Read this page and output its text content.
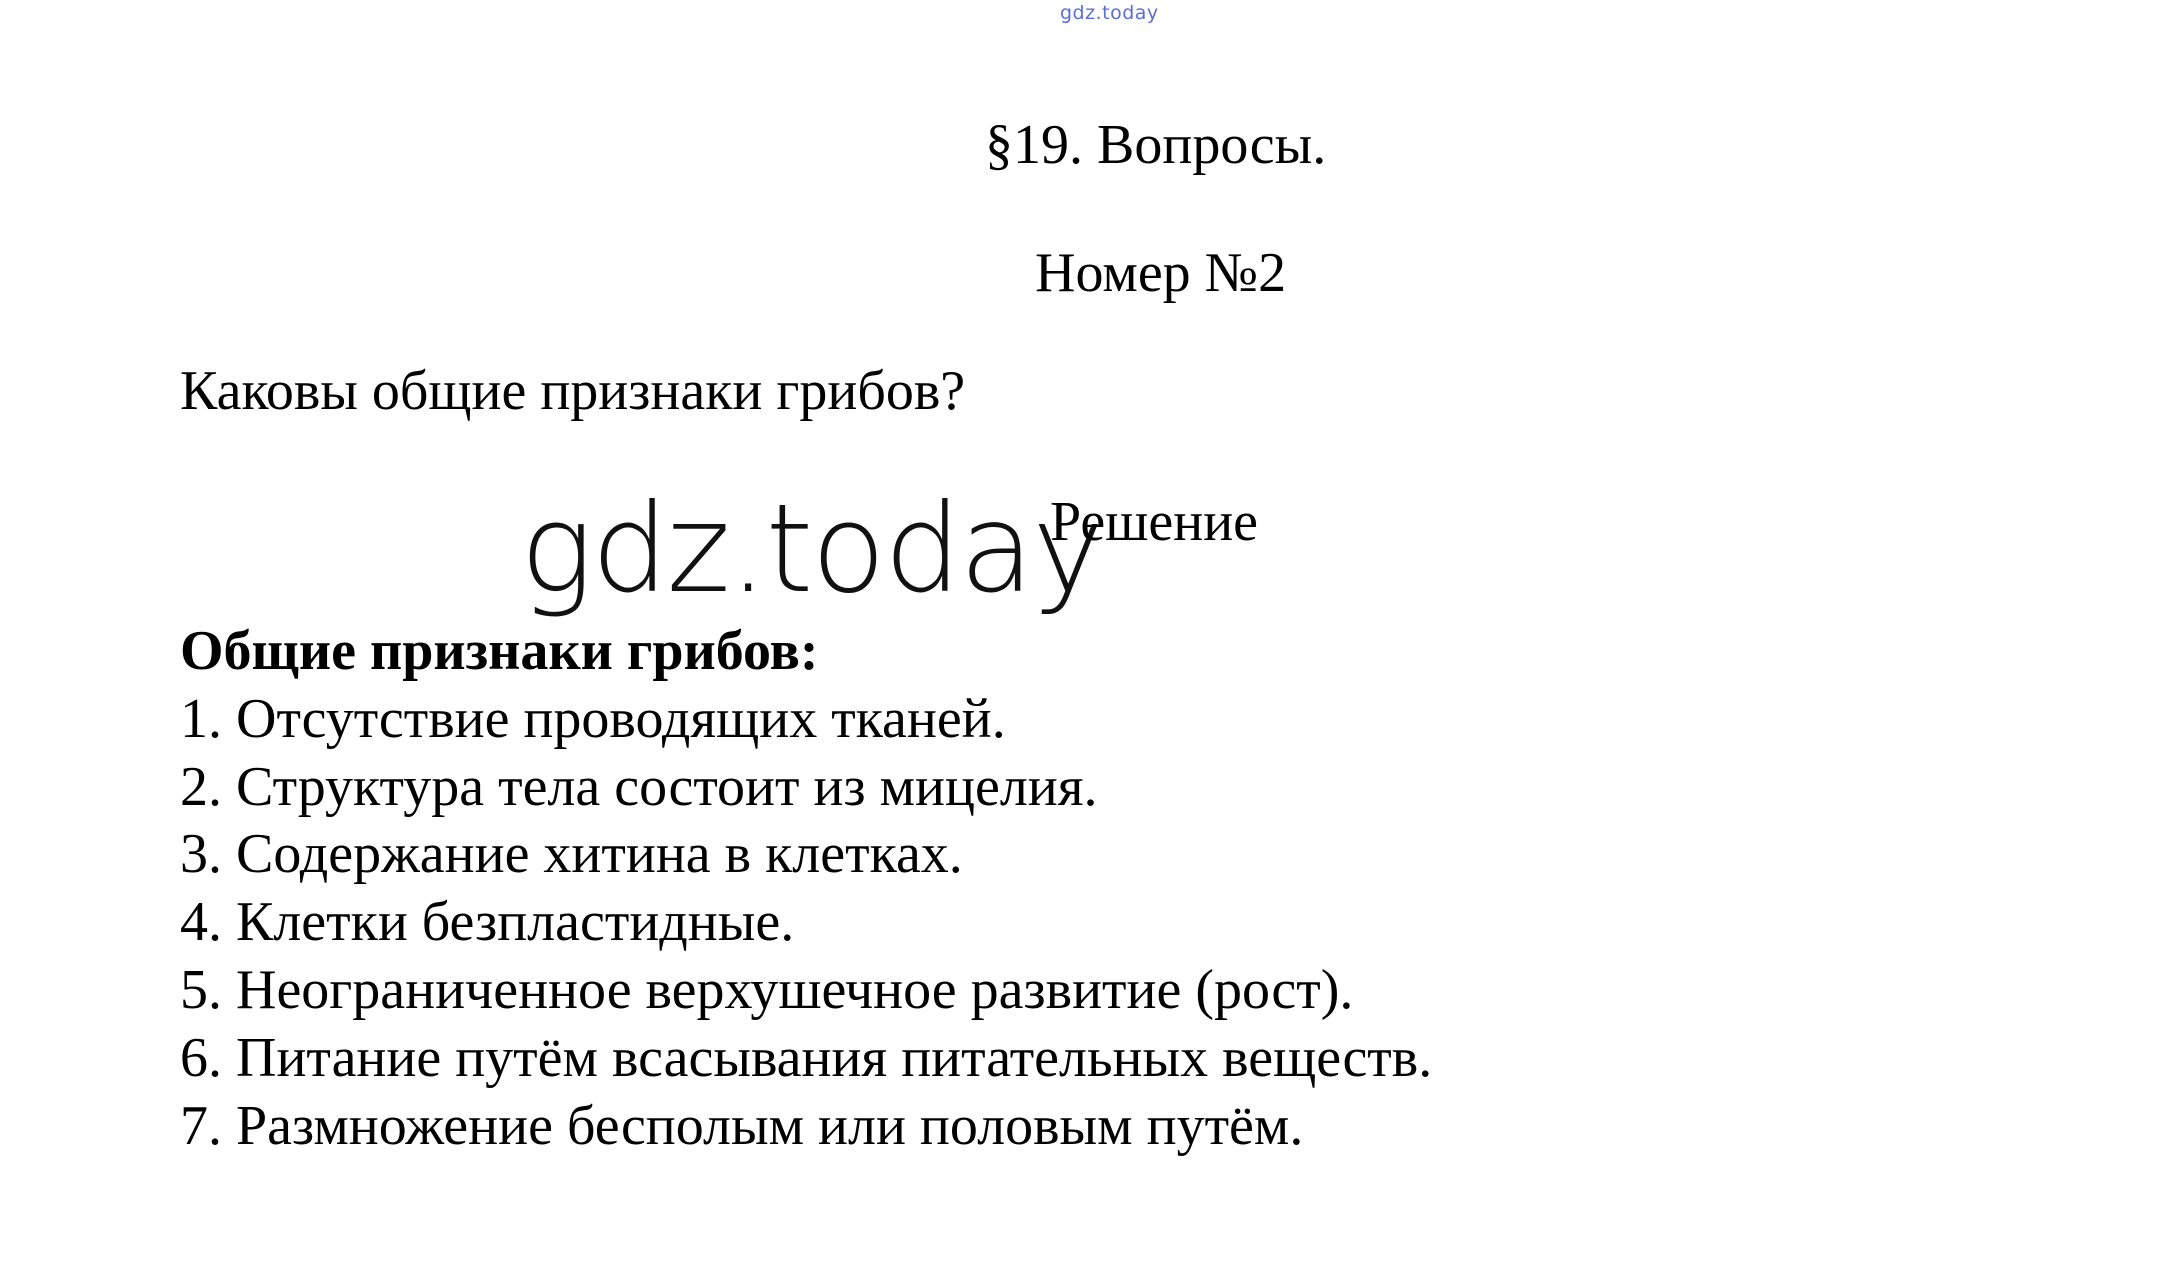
gdz.today
§19. Вопросы.
Номер №2
Каковы общие признаки грибов?
gdz.today
Решение
Общие признаки грибов:
1. Отсутствие проводящих тканей.
2. Структура тела состоит из мицелия.
3. Содержание хитина в клетках.
4. Клетки безпластидные.
5. Неограниченное верхушечное развитие (рост).
6. Питание путём всасывания питательных веществ.
7. Размножение бесполым или половым путём.
